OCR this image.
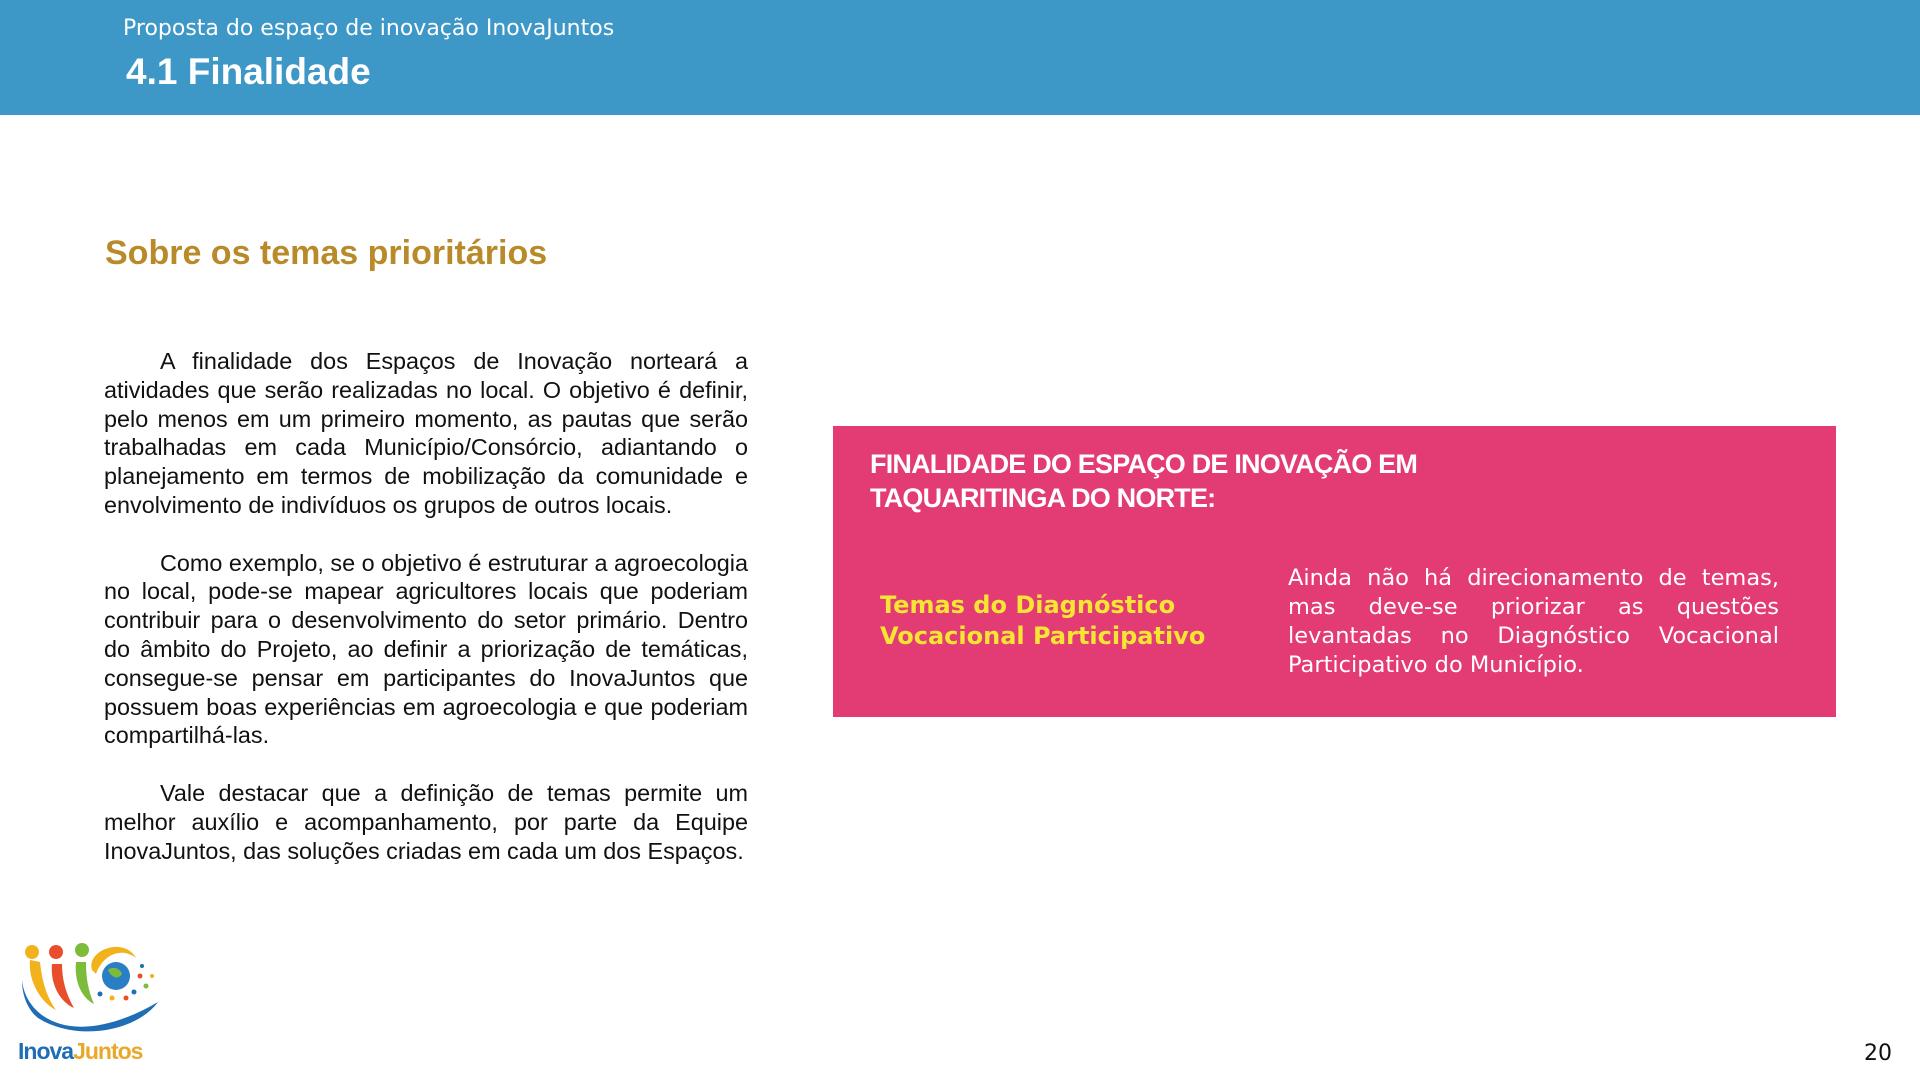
Proposta do espaço de inovação InovaJuntos
4.1 Finalidade
Sobre os temas prioritários

A finalidade dos Espaços de Inovação norteará a atividades que serão realizadas no local. O objetivo é definir, pelo menos em um primeiro momento, as pautas que serão trabalhadas em cada Município/Consórcio, adiantando o planejamento em termos de mobilização da comunidade e envolvimento de indivíduos os grupos de outros locais.

Como exemplo, se o objetivo é estruturar a agroecologia no local, pode-se mapear agricultores locais que poderiam contribuir para o desenvolvimento do setor primário. Dentro do âmbito do Projeto, ao definir a priorização de temáticas, consegue-se pensar em participantes do InovaJuntos que possuem boas experiências em agroecologia e que poderiam compartilhá-las.

Vale destacar que a definição de temas permite um melhor auxílio e acompanhamento, por parte da Equipe InovaJuntos, das soluções criadas em cada um dos Espaços.

FINALIDADE DO ESPAÇO DE INOVAÇÃO EM TAQUARITINGA DO NORTE:
Temas do Diagnóstico Vocacional Participativo
Ainda não há direcionamento de temas, mas deve-se priorizar as questões levantadas no Diagnóstico Vocacional Participativo do Município.
InovaJuntos	20
